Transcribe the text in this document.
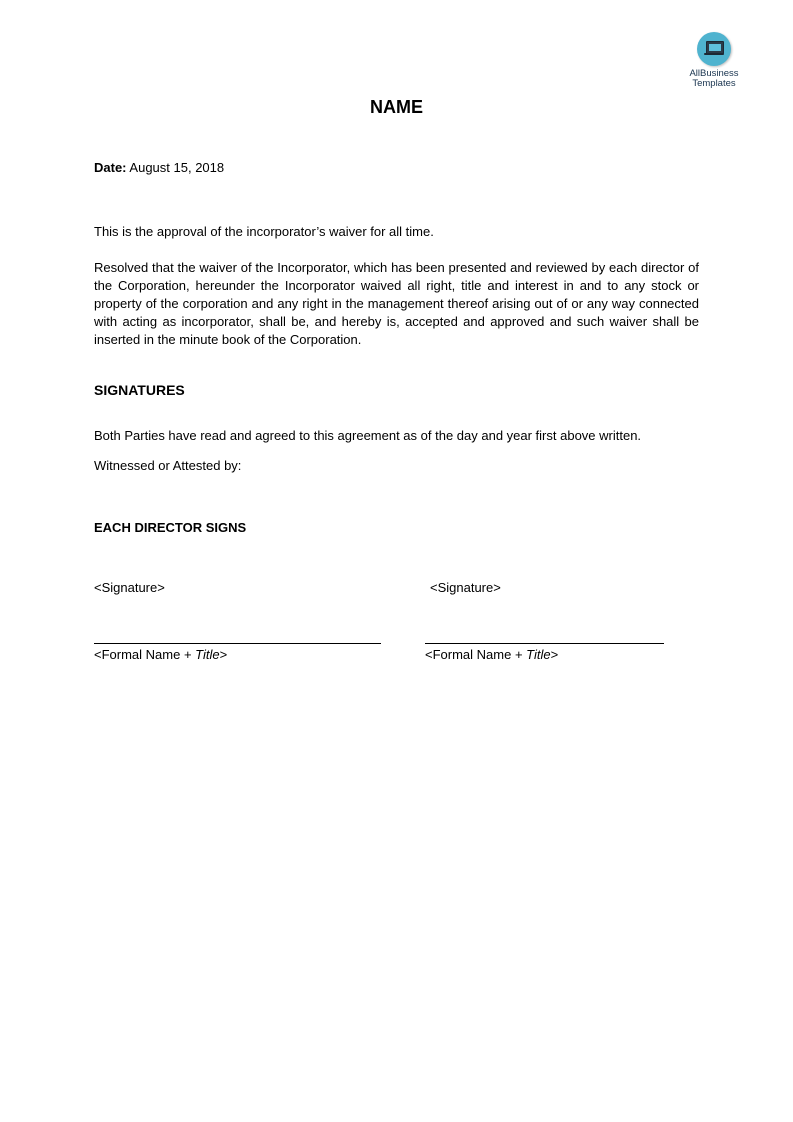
AllBusiness
Templates
NAME
Date: August 15, 2018
This is the approval of the incorporator’s waiver for all time.
Resolved that the waiver of the Incorporator, which has been presented and reviewed by each director of the Corporation, hereunder the Incorporator waived all right, title and interest in and to any stock or property of the corporation and any right in the management thereof arising out of or any way connected with acting as incorporator, shall be, and hereby is, accepted and approved and such waiver shall be inserted in the minute book of the Corporation.
SIGNATURES
Both Parties have read and agreed to this agreement as of the day and year first above written.
Witnessed or Attested by:
EACH DIRECTOR SIGNS
<Signature>
<Formal Name + Title>
<Signature>
<Formal Name + Title>
